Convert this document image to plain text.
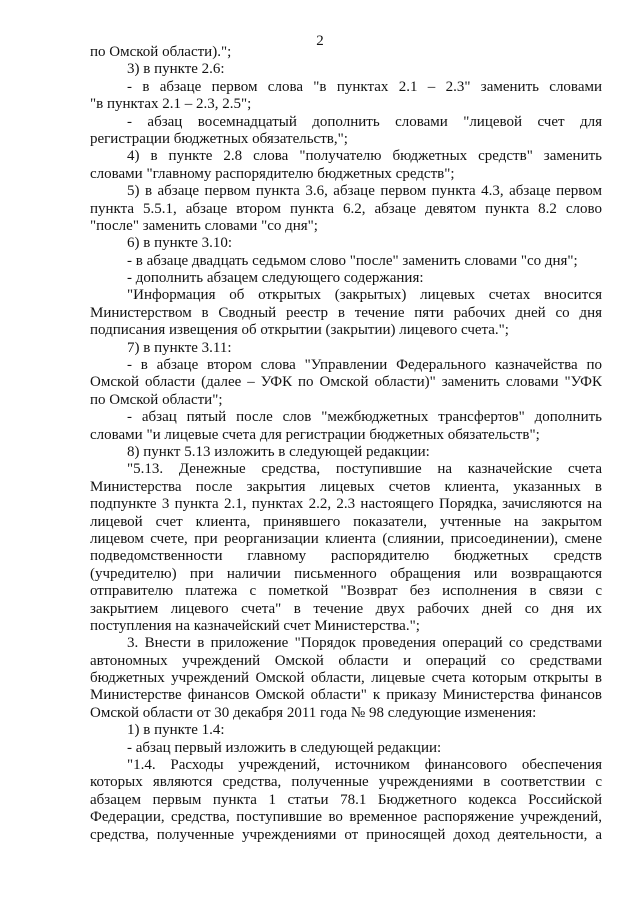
2
по Омской области).";
3) в пункте 2.6:
- в абзаце первом слова "в пунктах 2.1 – 2.3" заменить словами
"в пунктах 2.1 – 2.3, 2.5";
- абзац восемнадцатый дополнить словами "лицевой счет для
регистрации бюджетных обязательств,";
4) в пункте 2.8 слова "получателю бюджетных средств" заменить
словами "главному распорядителю бюджетных средств";
5) в абзаце первом пункта 3.6, абзаце первом пункта 4.3, абзаце первом
пункта 5.5.1, абзаце втором пункта 6.2, абзаце девятом пункта 8.2 слово
"после" заменить словами "со дня";
6) в пункте 3.10:
- в абзаце двадцать седьмом слово "после" заменить словами "со дня";
- дополнить абзацем следующего содержания:
"Информация об открытых (закрытых) лицевых счетах вносится
Министерством в Сводный реестр в течение пяти рабочих дней со дня
подписания извещения об открытии (закрытии) лицевого счета.";
7) в пункте 3.11:
- в абзаце втором слова "Управлении Федерального казначейства по
Омской области (далее – УФК по Омской области)" заменить словами "УФК
по Омской области";
- абзац пятый после слов "межбюджетных трансфертов" дополнить
словами "и лицевые счета для регистрации бюджетных обязательств";
8) пункт 5.13 изложить в следующей редакции:
"5.13. Денежные средства, поступившие на казначейские счета
Министерства после закрытия лицевых счетов клиента, указанных в
подпункте 3 пункта 2.1, пунктах 2.2, 2.3 настоящего Порядка, зачисляются на
лицевой счет клиента, принявшего показатели, учтенные на закрытом
лицевом счете, при реорганизации клиента (слиянии, присоединении), смене
подведомственности главному распорядителю бюджетных средств
(учредителю) при наличии письменного обращения или возвращаются
отправителю платежа с пометкой "Возврат без исполнения в связи с
закрытием лицевого счета" в течение двух рабочих дней со дня их
поступления на казначейский счет Министерства.";
3. Внести в приложение "Порядок проведения операций со средствами
автономных учреждений Омской области и операций со средствами
бюджетных учреждений Омской области, лицевые счета которым открыты в
Министерстве финансов Омской области" к приказу Министерства финансов
Омской области от 30 декабря 2011 года № 98 следующие изменения:
1) в пункте 1.4:
- абзац первый изложить в следующей редакции:
"1.4. Расходы учреждений, источником финансового обеспечения
которых являются средства, полученные учреждениями в соответствии с
абзацем первым пункта 1 статьи 78.1 Бюджетного кодекса Российской
Федерации, средства, поступившие во временное распоряжение учреждений,
средства, полученные учреждениями от приносящей доход деятельности, а
